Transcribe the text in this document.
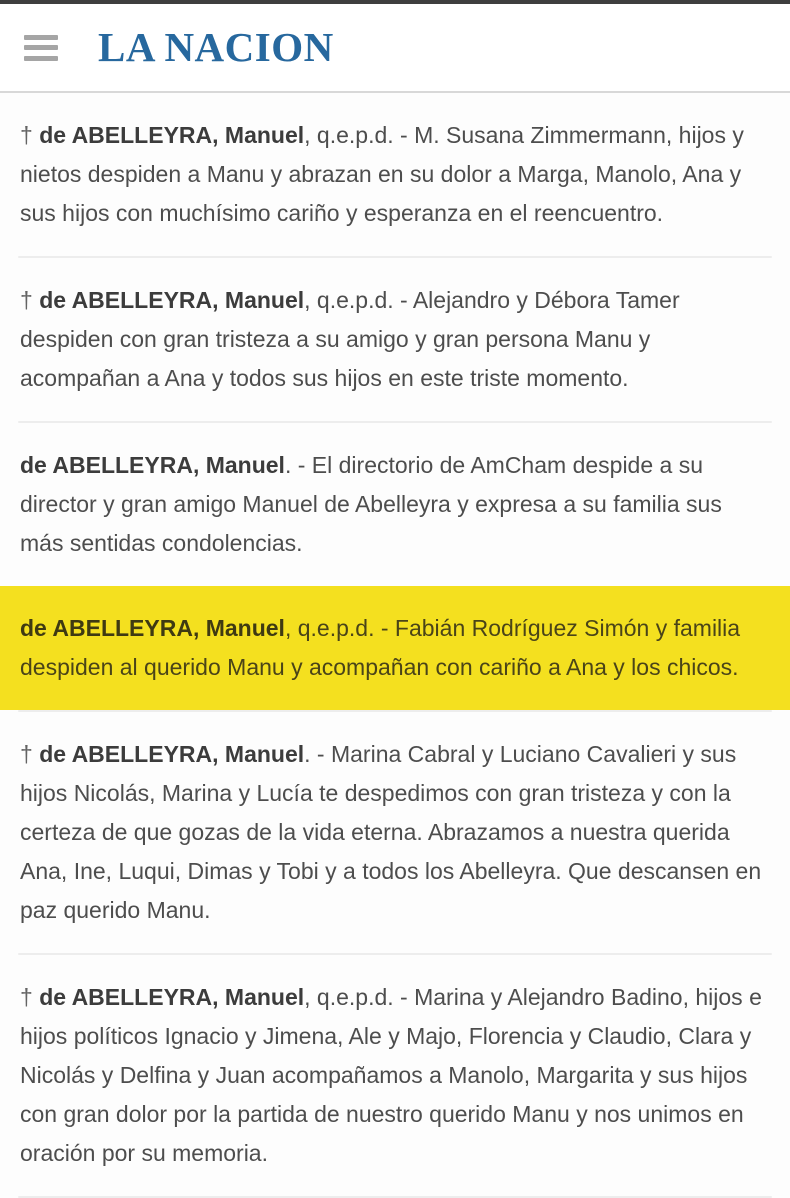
LA NACION

† de ABELLEYRA, Manuel, q.e.p.d. - M. Susana Zimmermann, hijos y nietos despiden a Manu y abrazan en su dolor a Marga, Manolo, Ana y sus hijos con muchísimo cariño y esperanza en el reencuentro.

† de ABELLEYRA, Manuel, q.e.p.d. - Alejandro y Débora Tamer despiden con gran tristeza a su amigo y gran persona Manu y acompañan a Ana y todos sus hijos en este triste momento.

de ABELLEYRA, Manuel. - El directorio de AmCham despide a su director y gran amigo Manuel de Abelleyra y expresa a su familia sus más sentidas condolencias.

de ABELLEYRA, Manuel, q.e.p.d. - Fabián Rodríguez Simón y familia despiden al querido Manu y acompañan con cariño a Ana y los chicos.

† de ABELLEYRA, Manuel. - Marina Cabral y Luciano Cavalieri y sus hijos Nicolás, Marina y Lucía te despedimos con gran tristeza y con la certeza de que gozas de la vida eterna. Abrazamos a nuestra querida Ana, Ine, Luqui, Dimas y Tobi y a todos los Abelleyra. Que descansen en paz querido Manu.

† de ABELLEYRA, Manuel, q.e.p.d. - Marina y Alejandro Badino, hijos e hijos políticos Ignacio y Jimena, Ale y Majo, Florencia y Claudio, Clara y Nicolás y Delfina y Juan acompañamos a Manolo, Margarita y sus hijos con gran dolor por la partida de nuestro querido Manu y nos unimos en oración por su memoria.
